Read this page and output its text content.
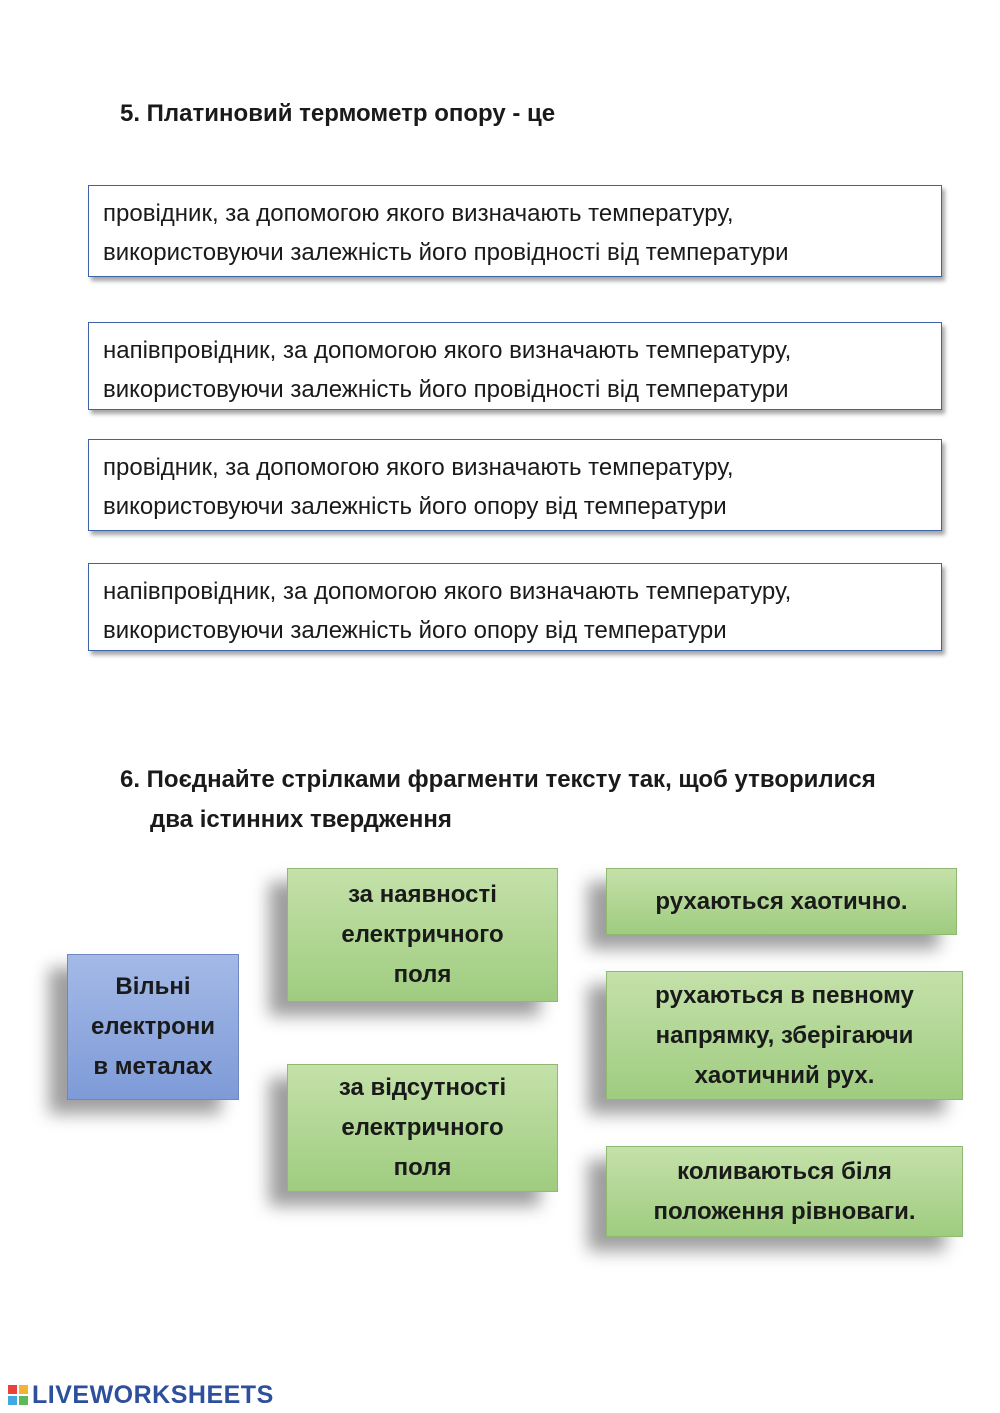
5. Платиновий термометр опору - це
провідник, за допомогою якого визначають температуру,
використовуючи залежність його провідності від температури
напівпровідник, за допомогою якого визначають температуру,
використовуючи залежність його провідності від температури
провідник, за допомогою якого визначають температуру,
використовуючи залежність його опору від температури
напівпровідник, за допомогою якого визначають температуру,
використовуючи залежність його опору від температури
6. Поєднайте стрілками фрагменти тексту так, щоб утворилися
два істинних твердження
Вільні
електрони
в металах
за наявності
електричного
поля
за відсутності
електричного
поля
рухаються хаотично.
рухаються в певному
напрямку, зберігаючи
хаотичний рух.
коливаються біля
положення рівноваги.
LIVEWORKSHEETS
